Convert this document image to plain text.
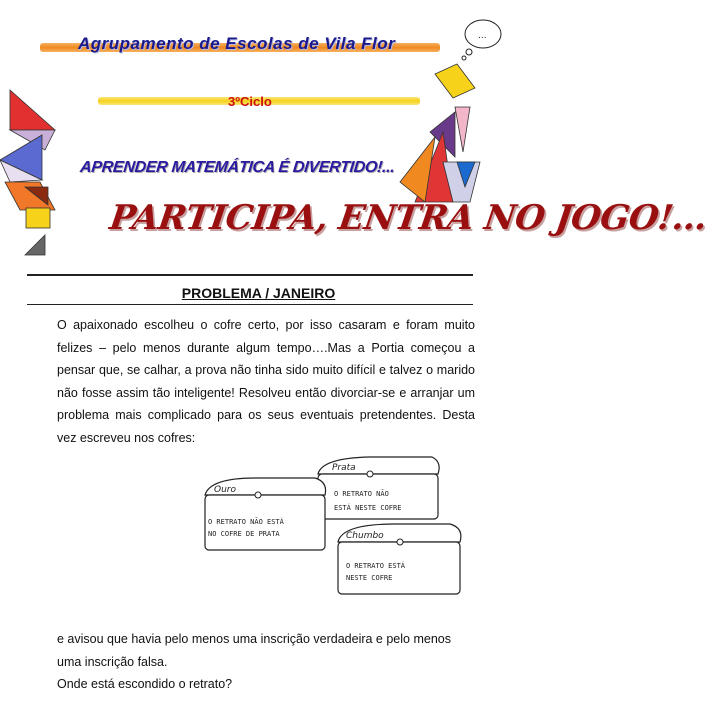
Agrupamento de Escolas de Vila Flor	...
3ºCiclo
APRENDER MATEMÁTICA É DIVERTIDO!...
PARTICIPA, ENTRA NO JOGO!...
PROBLEMA / JANEIRO
O apaixonado escolheu o cofre certo, por isso casaram e foram muito felizes – pelo menos durante algum tempo….Mas a Portia começou a pensar que, se calhar, a prova não tinha sido muito difícil e talvez o marido não fosse assim tão inteligente! Resolveu então divorciar-se e arranjar um problema mais complicado para os seus eventuais pretendentes. Desta vez escreveu nos cofres:
Prata
O RETRATO NÃO
ESTÁ NESTE COFRE
Ouro
O RETRATO NÃO ESTÁ
NO COFRE DE PRATA	Chumbo
O RETRATO ESTÁ
NESTE COFRE
e avisou que havia pelo menos uma inscrição verdadeira e pelo menos uma inscrição falsa.
Onde está escondido o retrato?
